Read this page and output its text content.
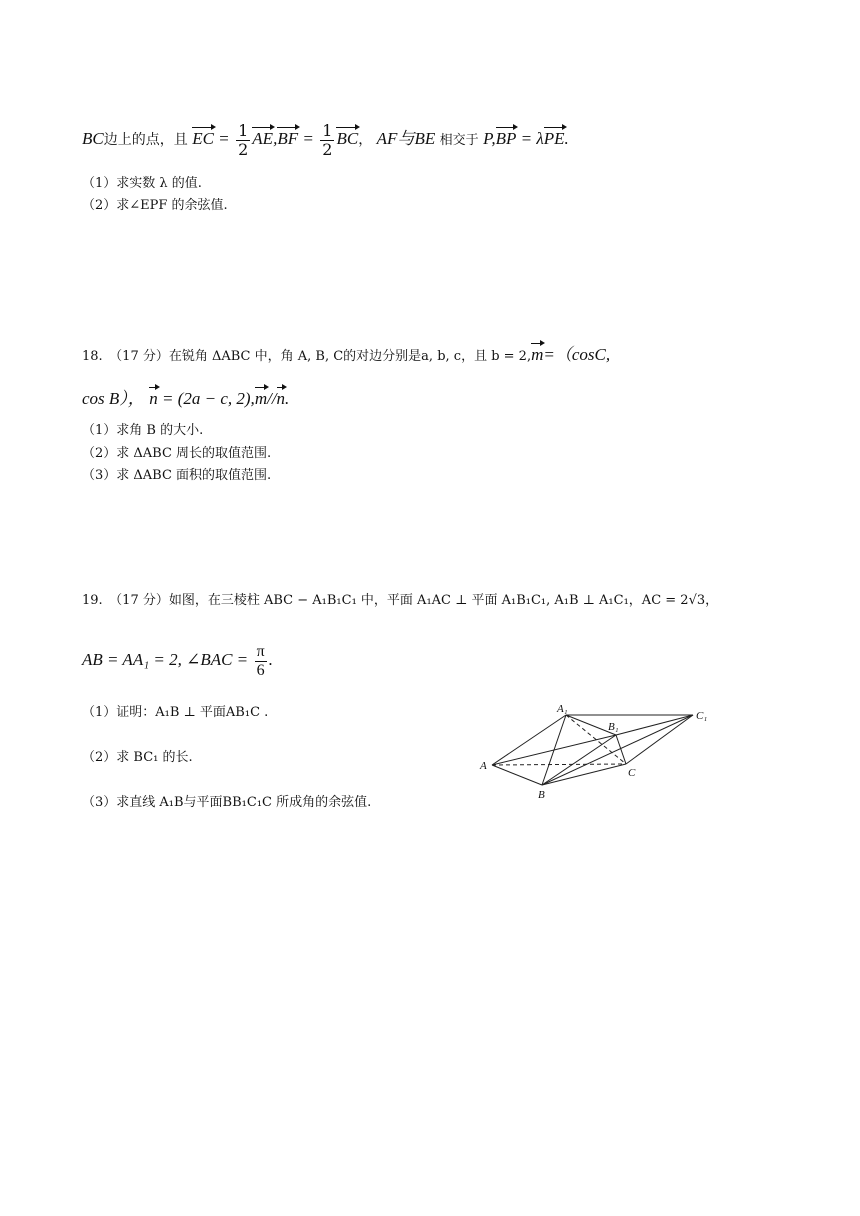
BC边上的点，且 EC = $\frac{1}{2} AE,BF = \frac{1}{2}$ BC， AF与BE 相交于 P,BP = λPE.
（1）求实数 λ 的值.
（2）求∠EPF 的余弦值.
18.　（17 分）在锐角 ΔABC 中，角 A, B, C的对边分别是a, b, c，且 b = 2,m=（cosC,
cos B）， n = (2a − c, 2),m//n.
（1）求角 B 的大小.
（2）求 ΔABC 周长的取值范围.
（3）求 ΔABC 面积的取值范围.
19.　（17 分）如图，在三棱柱 ABC − A₁B₁C₁ 中，平面 A₁AC ⊥ 平面 A₁B₁C₁, A₁B ⊥ A₁C₁，AC = 2√3，
AB = AA₁ = 2, ∠BAC = $\frac{\pi}{6}$ .
（1）证明：A₁B ⊥ 平面AB₁C .
（2）求 BC₁ 的长.
（3）求直线 A₁B与平面BB₁C₁C 所成角的余弦值.
A₁
B₁
C₁
A
B
C
